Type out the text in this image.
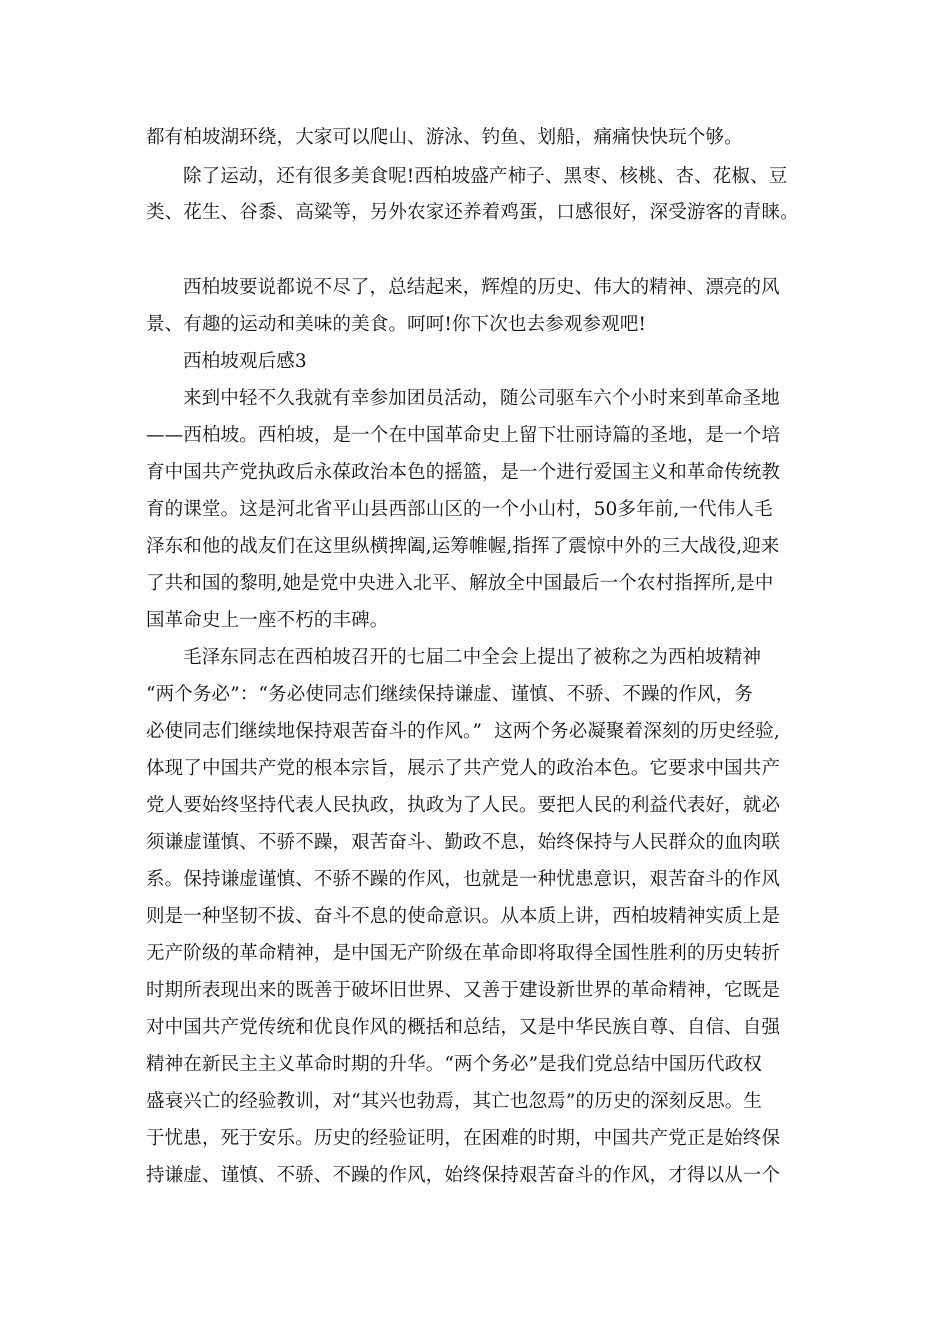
都有柏坡湖环绕，大家可以爬山、游泳、钓鱼、划船，痛痛快快玩个够。
除了运动，还有很多美食呢!西柏坡盛产柿子、黑枣、核桃、杏、花椒、豆
类、花生、谷黍、高粱等，另外农家还养着鸡蛋，口感很好，深受游客的青睐。
西柏坡要说都说不尽了，总结起来，辉煌的历史、伟大的精神、漂亮的风
景、有趣的运动和美味的美食。呵呵!你下次也去参观参观吧!
西柏坡观后感3
来到中轻不久我就有幸参加团员活动，随公司驱车六个小时来到革命圣地
——西柏坡。西柏坡，是一个在中国革命史上留下壮丽诗篇的圣地，是一个培
育中国共产党执政后永葆政治本色的摇篮，是一个进行爱国主义和革命传统教
育的课堂。这是河北省平山县西部山区的一个小山村，50多年前,一代伟人毛
泽东和他的战友们在这里纵横捭阖,运筹帷幄,指挥了震惊中外的三大战役,迎来
了共和国的黎明,她是党中央进入北平、解放全中国最后一个农村指挥所,是中
国革命史上一座不朽的丰碑。
毛泽东同志在西柏坡召开的七届二中全会上提出了被称之为西柏坡精神
“两个务必”：“务必使同志们继续保持谦虚、谨慎、不骄、不躁的作风，务
必使同志们继续地保持艰苦奋斗的作风。”  这两个务必凝聚着深刻的历史经验,
体现了中国共产党的根本宗旨，展示了共产党人的政治本色。它要求中国共产
党人要始终坚持代表人民执政，执政为了人民。要把人民的利益代表好，就必
须谦虚谨慎、不骄不躁，艰苦奋斗、勤政不息，始终保持与人民群众的血肉联
系。保持谦虚谨慎、不骄不躁的作风，也就是一种忧患意识，艰苦奋斗的作风
则是一种坚韧不拔、奋斗不息的使命意识。从本质上讲，西柏坡精神实质上是
无产阶级的革命精神，是中国无产阶级在革命即将取得全国性胜利的历史转折
时期所表现出来的既善于破坏旧世界、又善于建设新世界的革命精神，它既是
对中国共产党传统和优良作风的概括和总结，又是中华民族自尊、自信、自强
精神在新民主主义革命时期的升华。“两个务必”是我们党总结中国历代政权
盛衰兴亡的经验教训，对“其兴也勃焉，其亡也忽焉”的历史的深刻反思。生
于忧患，死于安乐。历史的经验证明，在困难的时期，中国共产党正是始终保
持谦虚、谨慎、不骄、不躁的作风，始终保持艰苦奋斗的作风，才得以从一个
